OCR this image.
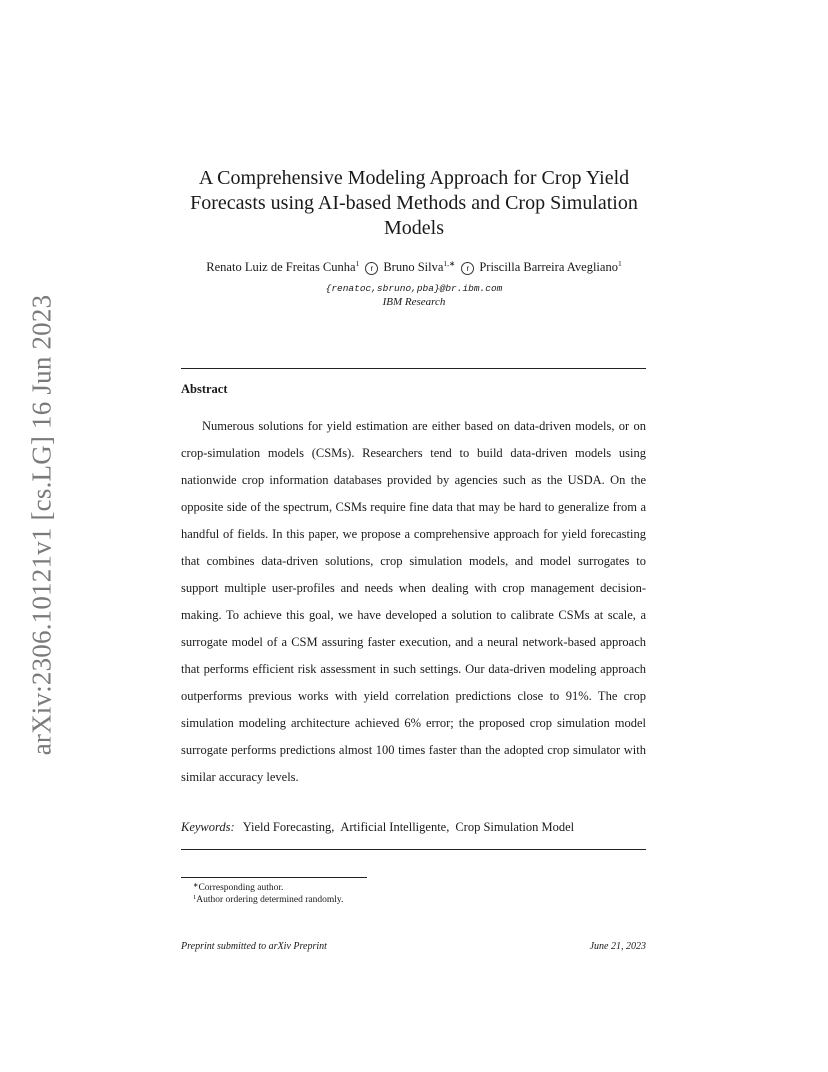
arXiv:2306.10121v1 [cs.LG] 16 Jun 2023
A Comprehensive Modeling Approach for Crop Yield Forecasts using AI-based Methods and Crop Simulation Models
Renato Luiz de Freitas Cunha$^1$r Bruno Silva$^{1,∗}$r Priscilla Barreira Avegliano$^1$
{renatoc,sbruno,pba}@br.ibm.com
IBM Research
Abstract

Numerous solutions for yield estimation are either based on data-driven models, or on crop-simulation models (CSMs). Researchers tend to build data-driven models using nationwide crop information databases provided by agencies such as the USDA. On the opposite side of the spectrum, CSMs require fine data that may be hard to generalize from a handful of fields. In this paper, we propose a comprehensive approach for yield forecasting that combines data-driven solutions, crop simulation models, and model surrogates to support multiple user-profiles and needs when dealing with crop management decision-making. To achieve this goal, we have developed a solution to calibrate CSMs at scale, a surrogate model of a CSM assuring faster execution, and a neural network-based approach that performs efficient risk assessment in such settings. Our data-driven modeling approach outperforms previous works with yield correlation predictions close to 91%. The crop simulation modeling architecture achieved 6% error; the proposed crop simulation model surrogate performs predictions almost 100 times faster than the adopted crop simulator with similar accuracy levels.

Keywords: Yield Forecasting, Artificial Intelligente, Crop Simulation Model
∗Corresponding author.
$^1$Author ordering determined randomly.
Preprint submitted to arXiv Preprint	June 21, 2023
